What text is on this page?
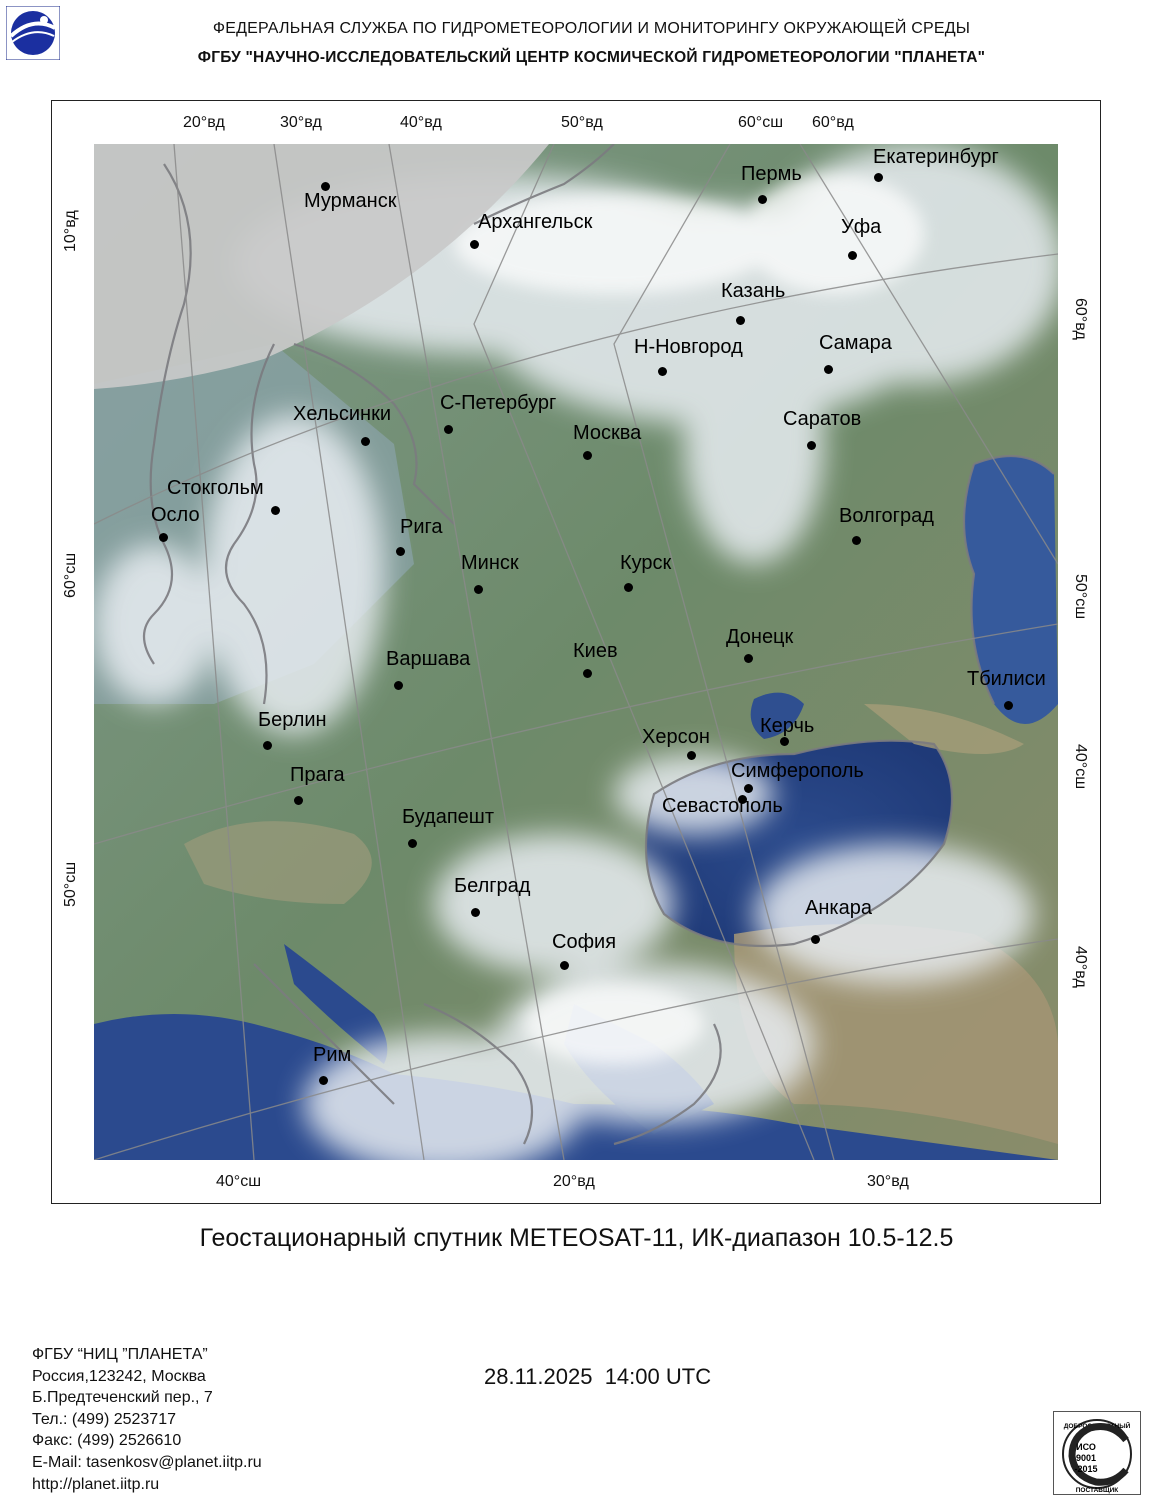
ФЕДЕРАЛЬНАЯ СЛУЖБА ПО ГИДРОМЕТЕОРОЛОГИИ И МОНИТОРИНГУ ОКРУЖАЮЩЕЙ СРЕДЫ
ФГБУ "НАУЧНО-ИССЛЕДОВАТЕЛЬСКИЙ ЦЕНТР КОСМИЧЕСКОЙ ГИДРОМЕТЕОРОЛОГИИ "ПЛАНЕТА"
20°вд	30°вд	40°вд	50°вд	60°сш 60°вд
40°сш	20°вд	30°вд
10°вд
60°сш
50°сш
60°вд
50°сш
40°сш
40°вд
Мурманск
Архангельск
Пермь
Екатеринбург
Уфа
Казань
Н-Новгород	Самара
Хельсинки С-Петербург
Москва
Саратов
Стокгольм
Осло
Рига	Волгоград
Минск	Курск
Донецк
Киев
Варшава
Тбилиси
Берлин
Херсон	Керчь
Прага	Симферополь
Севастополь
Будапешт
Белград
Анкара
София
Рим
Геостационарный спутник METEOSAT-11, ИК-диапазон 10.5-12.5
ФГБУ “НИЦ ”ПЛАНЕТА”
Россия,123242, Москва
Б.Предтеченский пер., 7
Тел.: (499) 2523717
Факс: (499) 2526610
E-Mail: tasenkosv@planet.iitp.ru
http://planet.iitp.ru
28.11.2025  14:00 UTC
ДОБРОСОВЕСТНЫЙ
ИСО
9001
-2015
ПОСТАВЩИК
